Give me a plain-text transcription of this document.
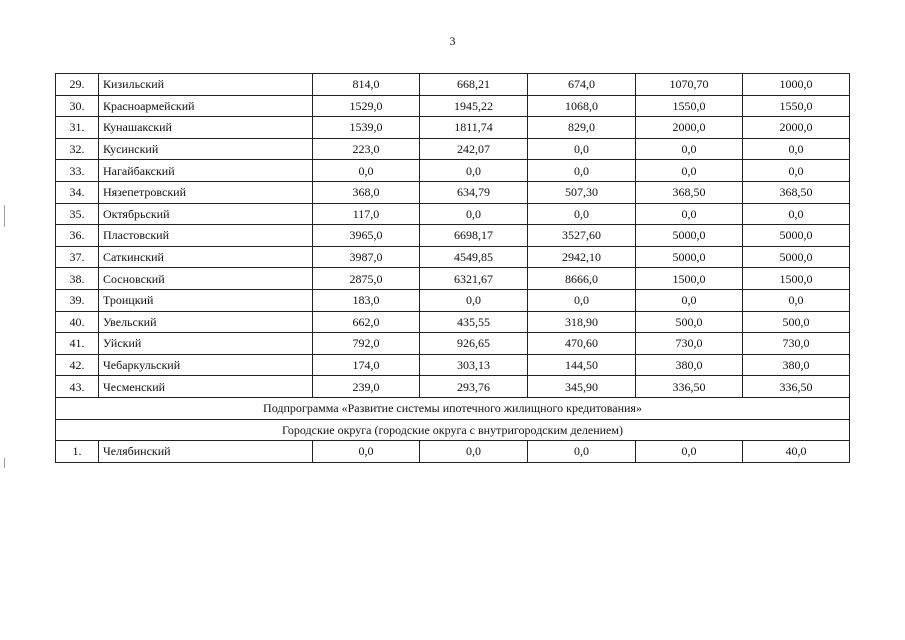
3
29.	Кизильский	814,0	668,21	674,0	1070,70	1000,0
30.	Красноармейский	1529,0	1945,22	1068,0	1550,0	1550,0
31.	Кунашакский	1539,0	1811,74	829,0	2000,0	2000,0
32.	Кусинский	223,0	242,07	0,0	0,0	0,0
33.	Нагайбакский	0,0	0,0	0,0	0,0	0,0
34.	Нязепетровский	368,0	634,79	507,30	368,50	368,50
35.	Октябрьский	117,0	0,0	0,0	0,0	0,0
36.	Пластовский	3965,0	6698,17	3527,60	5000,0	5000,0
37.	Саткинский	3987,0	4549,85	2942,10	5000,0	5000,0
38.	Сосновский	2875,0	6321,67	8666,0	1500,0	1500,0
39.	Троицкий	183,0	0,0	0,0	0,0	0,0
40.	Увельский	662,0	435,55	318,90	500,0	500,0
41.	Уйский	792,0	926,65	470,60	730,0	730,0
42.	Чебаркульский	174,0	303,13	144,50	380,0	380,0
43.	Чесменский	239,0	293,76	345,90	336,50	336,50
Подпрограмма «Развитие системы ипотечного жилищного кредитования»						
Городские округа (городские округа с внутригородским делением)						
1.	Челябинский	0,0	0,0	0,0	0,0	40,0
